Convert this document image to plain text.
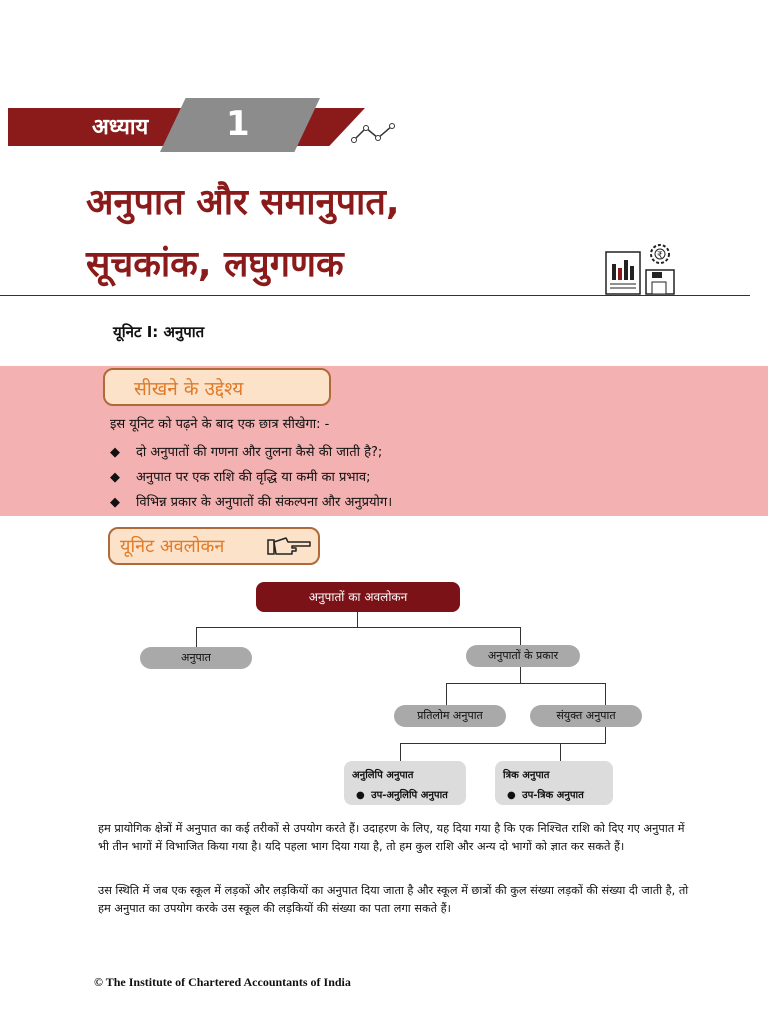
अध्याय 1
अनुपात और समानुपात,
सूचकांक, लघुगणक	₹
यूनिट I: अनुपात
सीखने के उद्देश्य
इस यूनिट को पढ़ने के बाद एक छात्र सीखेगा: -
◆ दो अनुपातों की गणना और तुलना कैसे की जाती है?;
◆ अनुपात पर एक राशि की वृद्धि या कमी का प्रभाव;
◆ विभिन्न प्रकार के अनुपातों की संकल्पना और अनुप्रयोग।
यूनिट अवलोकन
अनुपातों का अवलोकन
अनुपात	अनुपातों के प्रकार
प्रतिलोम अनुपात	संयुक्त अनुपात
अनुलिपि अनुपात
●  उप-अनुलिपि अनुपात
त्रिक अनुपात
●  उप-त्रिक अनुपात
हम प्रायोगिक क्षेत्रों में अनुपात का कई तरीकों से उपयोग करते हैं। उदाहरण के लिए, यह दिया गया है कि एक निश्चित राशि को दिए गए अनुपात में भी तीन भागों में विभाजित किया गया है। यदि पहला भाग दिया गया है, तो हम कुल राशि और अन्य दो भागों को ज्ञात कर सकते हैं।
उस स्थिति में जब एक स्कूल में लड़कों और लड़कियों का अनुपात दिया जाता है और स्कूल में छात्रों की कुल संख्या लड़कों की संख्या दी जाती है, तो हम अनुपात का उपयोग करके उस स्कूल की लड़कियों की संख्या का पता लगा सकते हैं।
© The Institute of Chartered Accountants of India
